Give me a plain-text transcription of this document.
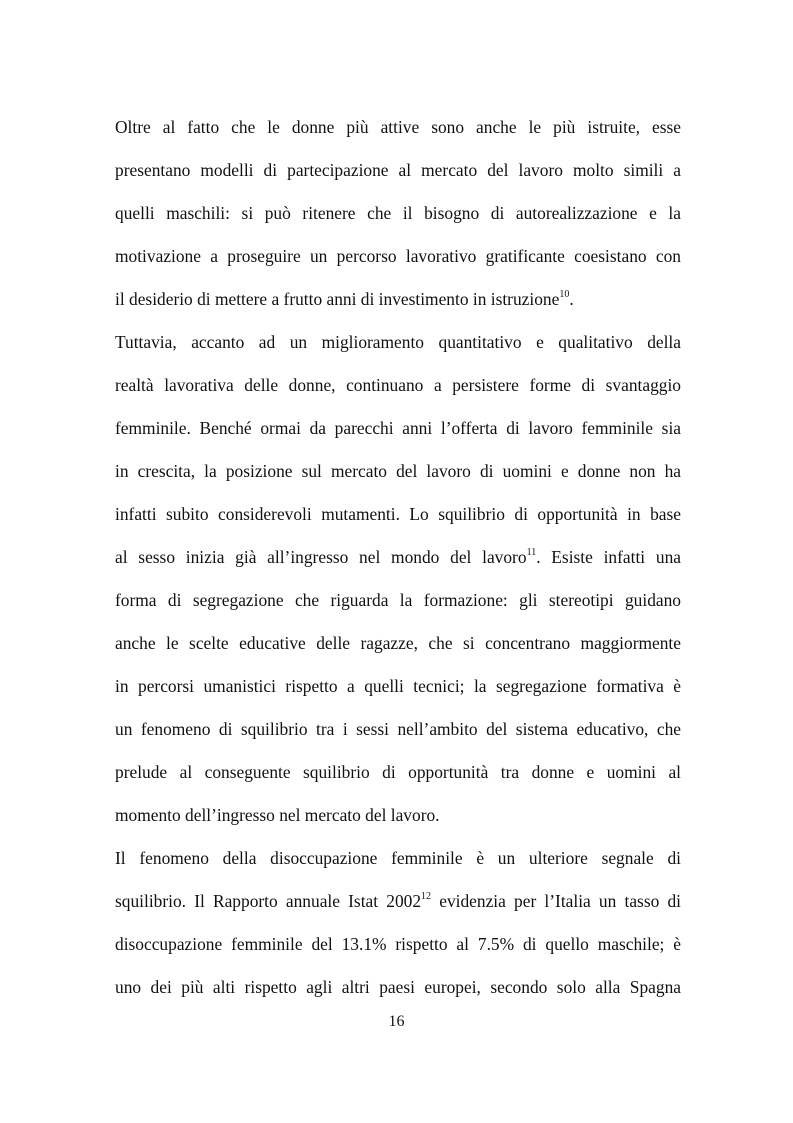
Oltre al fatto che le donne più attive sono anche le più istruite, esse
presentano modelli di partecipazione al mercato del lavoro molto simili a
quelli maschili: si può ritenere che il bisogno di autorealizzazione e la
motivazione a proseguire un percorso lavorativo gratificante coesistano con
il desiderio di mettere a frutto anni di investimento in istruzione$^{10}$.
Tuttavia, accanto ad un miglioramento quantitativo e qualitativo della
realtà lavorativa delle donne, continuano a persistere forme di svantaggio
femminile. Benché ormai da parecchi anni l’offerta di lavoro femminile sia
in crescita, la posizione sul mercato del lavoro di uomini e donne non ha
infatti subito considerevoli mutamenti. Lo squilibrio di opportunità in base
al sesso inizia già all’ingresso nel mondo del lavoro$^{11}$. Esiste infatti una
forma di segregazione che riguarda la formazione: gli stereotipi guidano
anche le scelte educative delle ragazze, che si concentrano maggiormente
in percorsi umanistici rispetto a quelli tecnici; la segregazione formativa è
un fenomeno di squilibrio tra i sessi nell’ambito del sistema educativo, che
prelude al conseguente squilibrio di opportunità tra donne e uomini al
momento dell’ingresso nel mercato del lavoro.
Il fenomeno della disoccupazione femminile è un ulteriore segnale di
squilibrio. Il Rapporto annuale Istat 2002$^{12}$ evidenzia per l’Italia un tasso di
disoccupazione femminile del 13.1% rispetto al 7.5% di quello maschile; è
uno dei più alti rispetto agli altri paesi europei, secondo solo alla Spagna
16
